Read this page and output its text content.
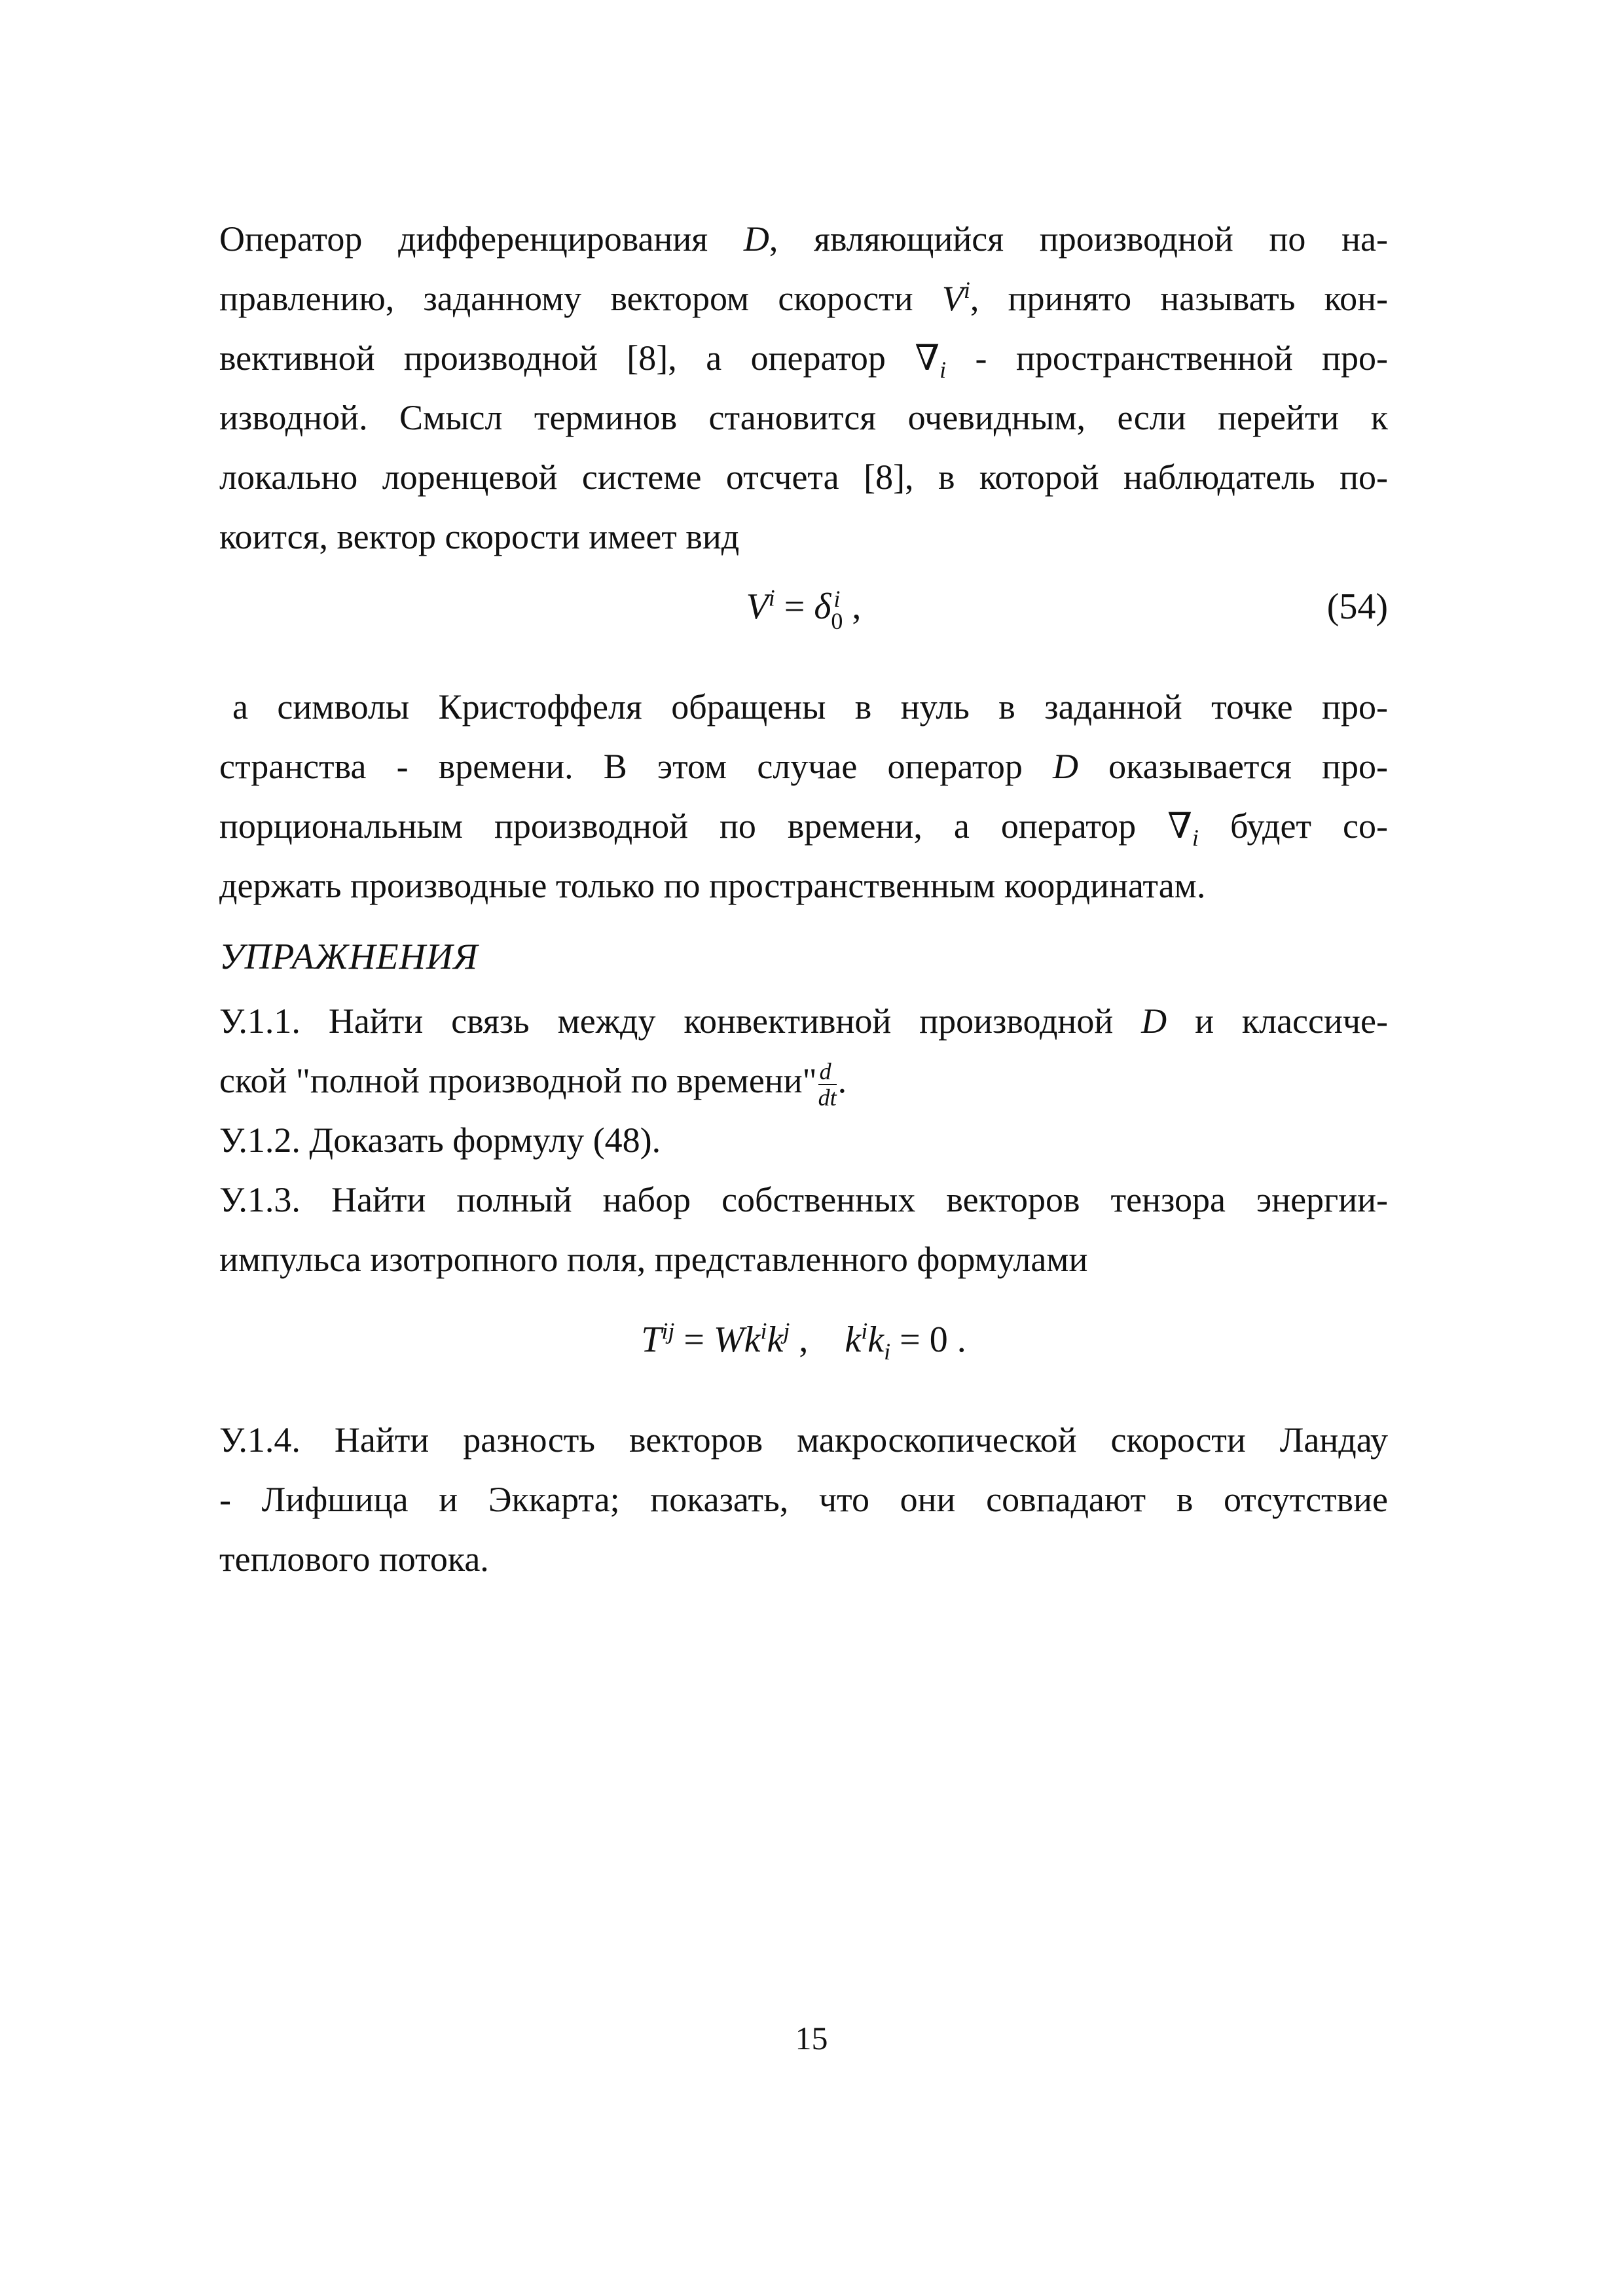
Оператор дифференцирования D, являющийся производной по на-
правлению, заданному вектором скорости $V^i$, принято называть кон-
вективной производной [8], а оператор $\nabla_i$ - пространственной про-
изводной. Смысл терминов становится очевидным, если перейти к
локально лоренцевой системе отсчета [8], в которой наблюдатель по-
коится, вектор скорости имеет вид
$V^i = \delta$ i
0 ,	(54)
а символы Кристоффеля обращены в нуль в заданной точке про-
странства - времени. В этом случае оператор D оказывается про-
порциональным производной по времени, а оператор $\nabla_i$ будет со-
держать производные только по пространственным координатам.
УПРАЖНЕНИЯ
У.1.1. Найти связь между конвективной производной D и классиче-
ской "полной производной по времени" $\frac{d}{dt}$ .
У.1.2. Доказать формулу (48).
У.1.3. Найти полный набор собственных векторов тензора энергии-
импульса изотропного поля, представленного формулами
$T^{ij} = Wk^ik^j$ ,    $k^ik_i = 0$ .
У.1.4. Найти разность векторов макроскопической скорости Ландау
- Лифшица и Эккарта; показать, что они совпадают в отсутствие
теплового потока.
15
